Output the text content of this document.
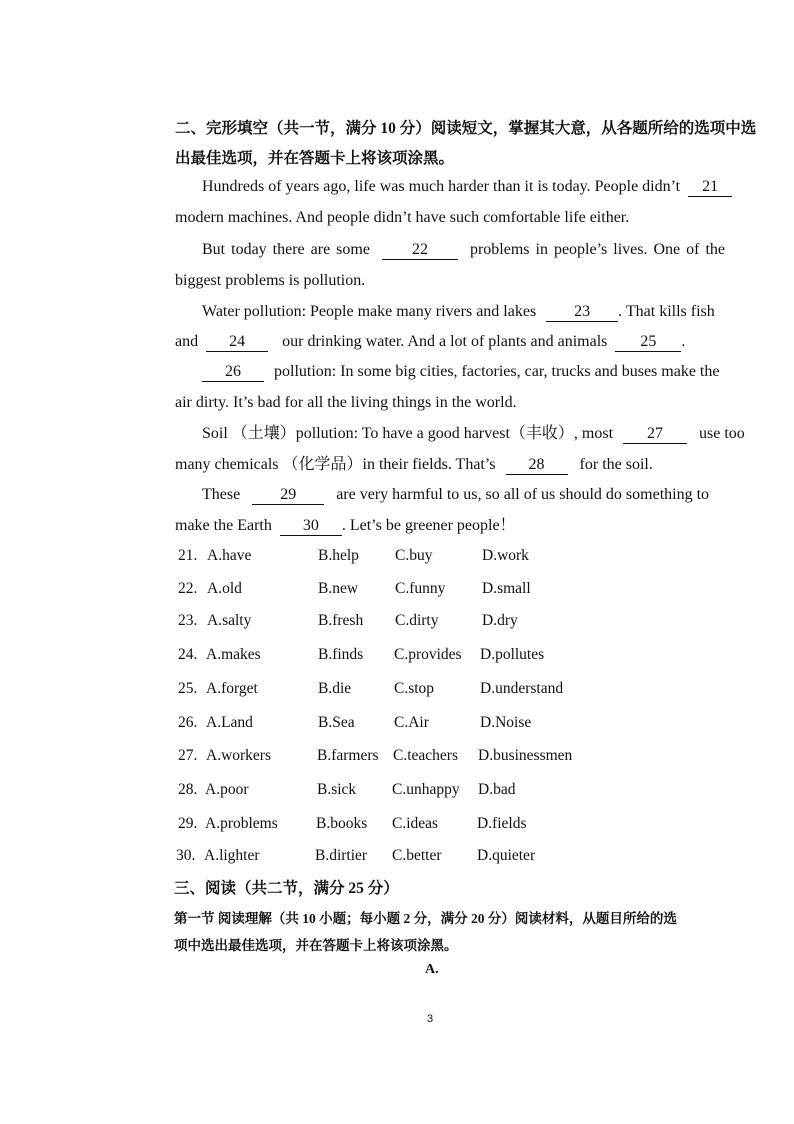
二、完形填空（共一节，满分 10 分）阅读短文，掌握其大意，从各题所给的选项中选
出最佳选项，并在答题卡上将该项涂黑。
Hundreds of years ago, life was much harder than it is today. People didn’t 21
modern machines. And people didn’t have such comfortable life either.
But today there are some	22	problems in people’s lives. One of the
biggest problems is pollution.
Water pollution: People make many rivers and lakes 23 . That kills fish
and 24 our drinking water. And a lot of plants and animals 25 .
26 pollution: In some big cities, factories, car, trucks and buses make the
air dirty. It’s bad for all the living things in the world.
Soil （土壤）pollution: To have a good harvest（丰收）, most 27 use too
many chemicals （化学品）in their fields. That’s 28 for the soil.
These	29	are very harmful to us, so all of us should do something to
make the Earth 30 . Let’s be greener people！
21. A.have	B.help C.buy	D.work
22. A.old	B.new C.funny D.small
23. A.salty	B.fresh C.dirty	D.dry
24. A.makes	B.finds C.provides D.pollutes
25. A.forget	B.die	C.stop	D.understand
26. A.Land	B.Sea	C.Air	D.Noise
27. A.workers	B.farmers C.teachers D.businessmen
28. A.poor	B.sick C.unhappy D.bad
29. A.problems B.books C.ideas	D.fields
30. A.lighter	B.dirtier C.better D.quieter
三、阅读（共二节，满分 25 分）
第一节 阅读理解（共 10 小题；每小题 2 分，满分 20 分）阅读材料，从题目所给的选
项中选出最佳选项，并在答题卡上将该项涂黑。
A.
3
